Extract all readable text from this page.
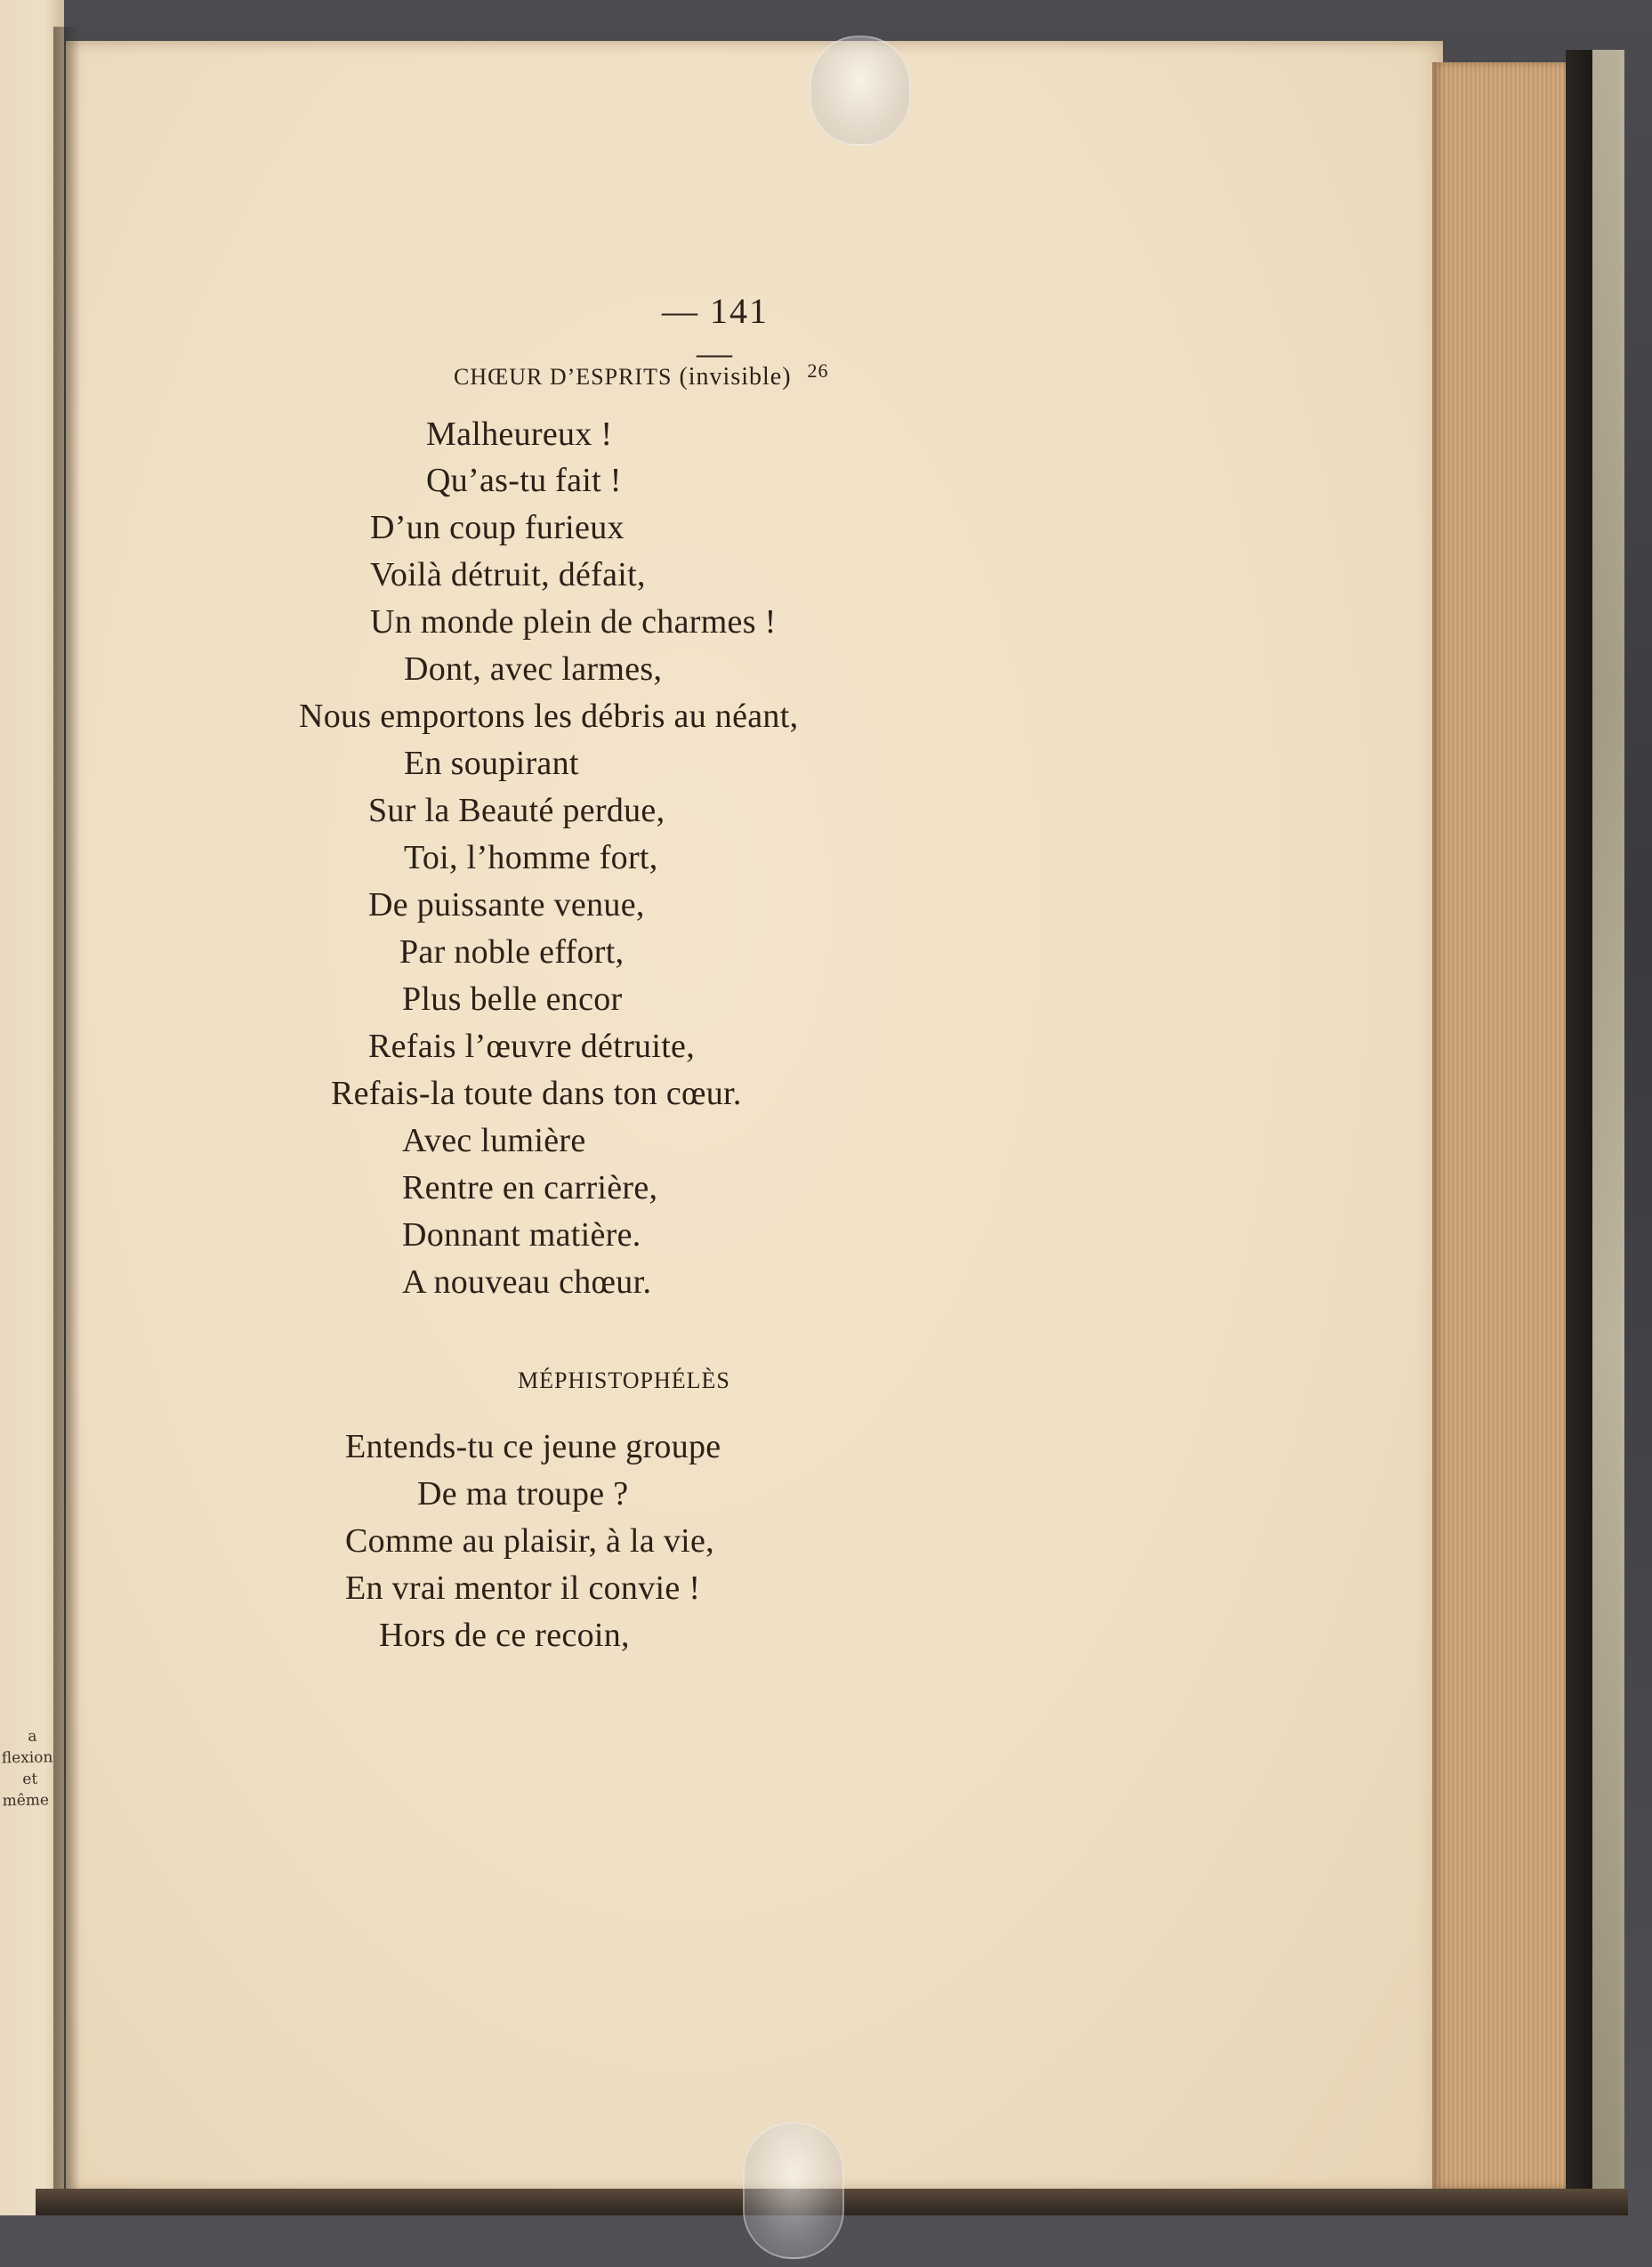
a flexion
et même
— 141 —
CHŒUR D’ESPRITS (invisible) $^{26}$
Malheureux !
Qu’as-tu fait !
D’un coup furieux
Voilà détruit, défait,
Un monde plein de charmes !
Dont, avec larmes,
Nous emportons les débris au néant,
En soupirant
Sur la Beauté perdue,
Toi, l’homme fort,
De puissante venue,
Par noble effort,
Plus belle encor
Refais l’œuvre détruite,
Refais-la toute dans ton cœur.
Avec lumière
Rentre en carrière,
Donnant matière.
A nouveau chœur.
MÉPHISTOPHÉLÈS
Entends-tu ce jeune groupe
De ma troupe ?
Comme au plaisir, à la vie,
En vrai mentor il convie !
Hors de ce recoin,
